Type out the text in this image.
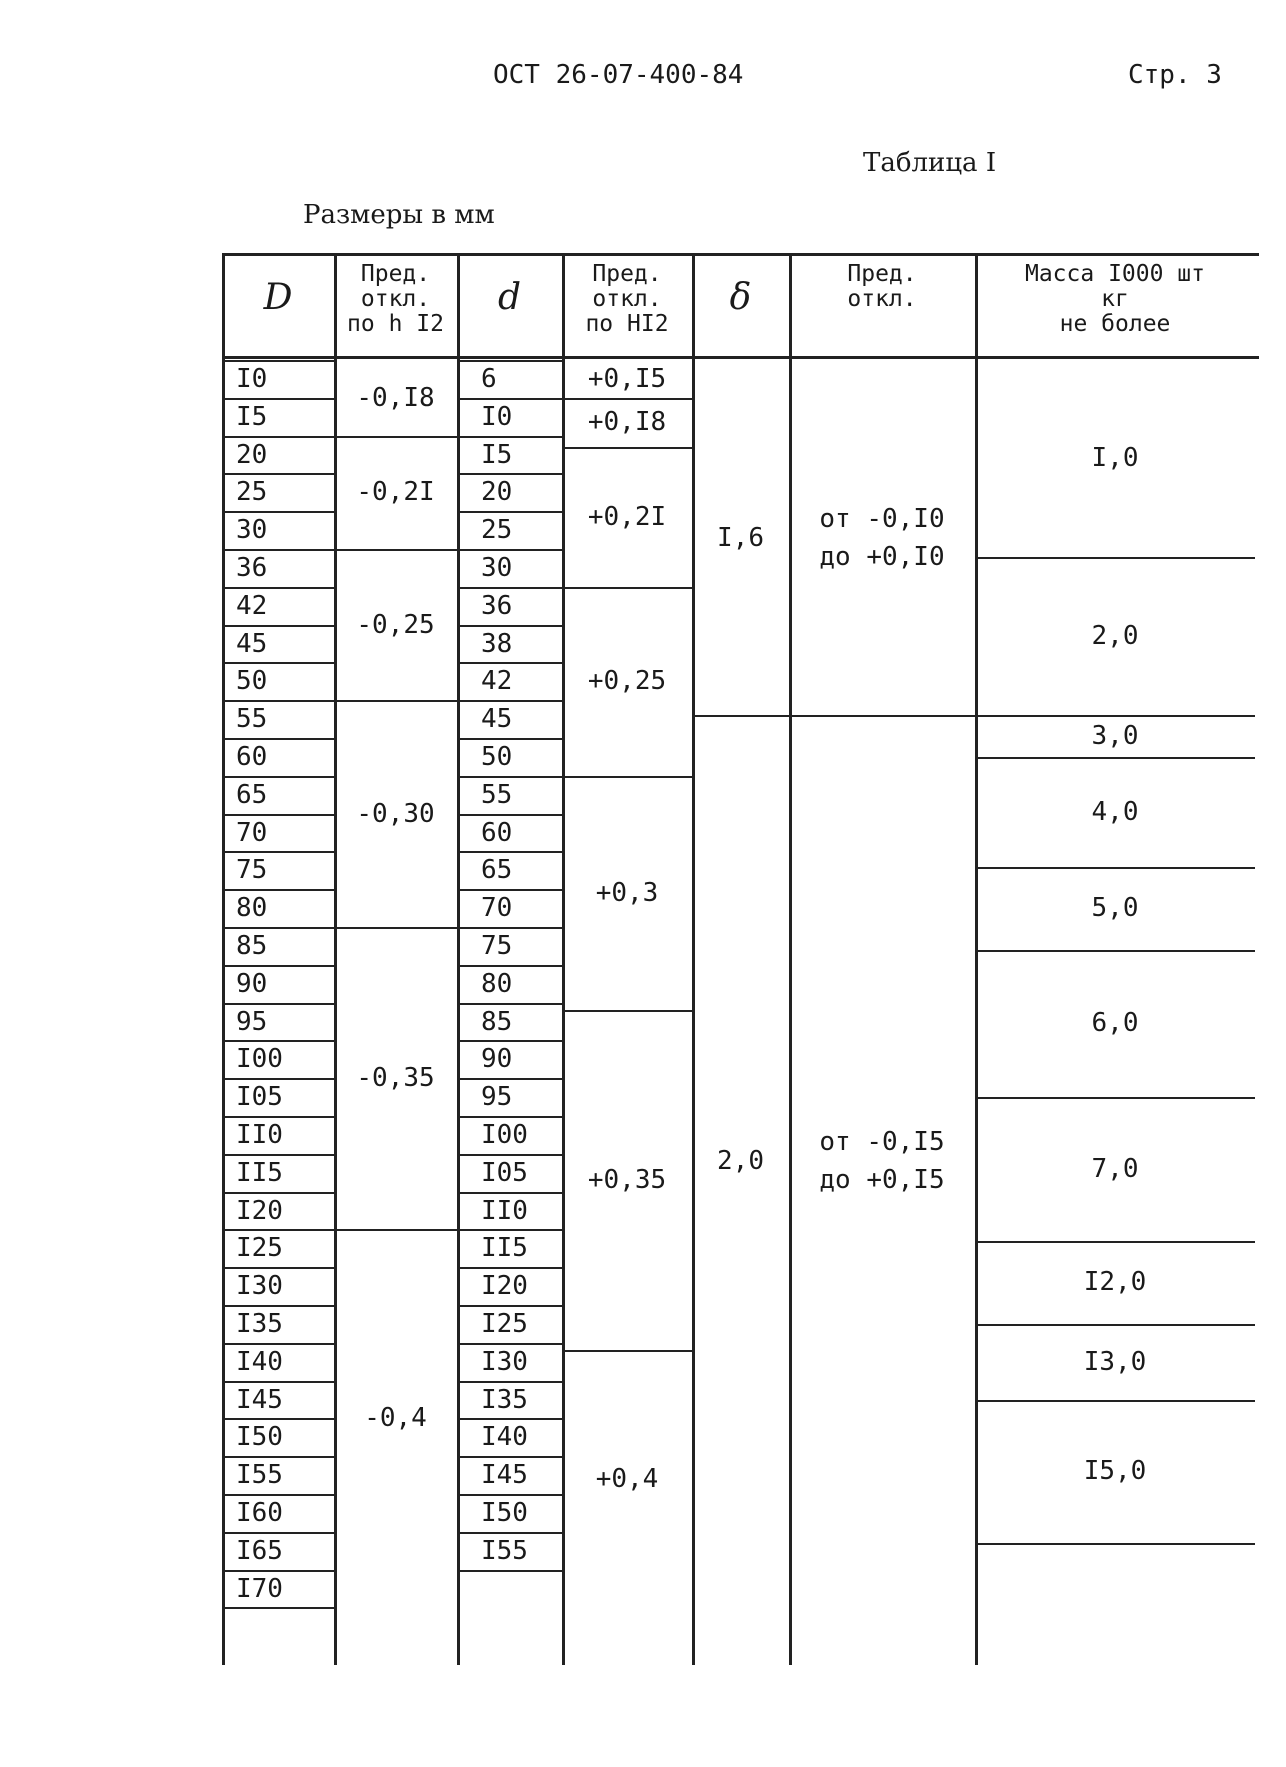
ОСТ 26-07-400-84	Стр. 3
Таблица I
Размеры в мм
D
Пред.
откл.
по h I2
d
Пред.
откл.
по HI2
δ
Пред.
откл.
Масса I000 шт
кг
не более
I0
I5
20
25
30
36
42
45
50
55
60
65
70
75
80
85
90
95
I00
I05
II0
II5
I20
I25
I30
I35
I40
I45
I50
I55
I60
I65
I70
6
I0
I5
20
25
30
36
38
42
45
50
55
60
65
70
75
80
85
90
95
I00
I05
II0
II5
I20
I25
I30
I35
I40
I45
I50
I55
-0,I8
-0,2I
-0,25
-0,30
-0,35
-0,4
+0,I5
+0,I8
+0,2I
+0,25
+0,3
+0,35
+0,4
I,6
2,0
от -0,I0
до +0,I0
от -0,I5
до +0,I5
I,0
2,0
3,0
4,0
5,0
6,0
7,0
I2,0
I3,0
I5,0
